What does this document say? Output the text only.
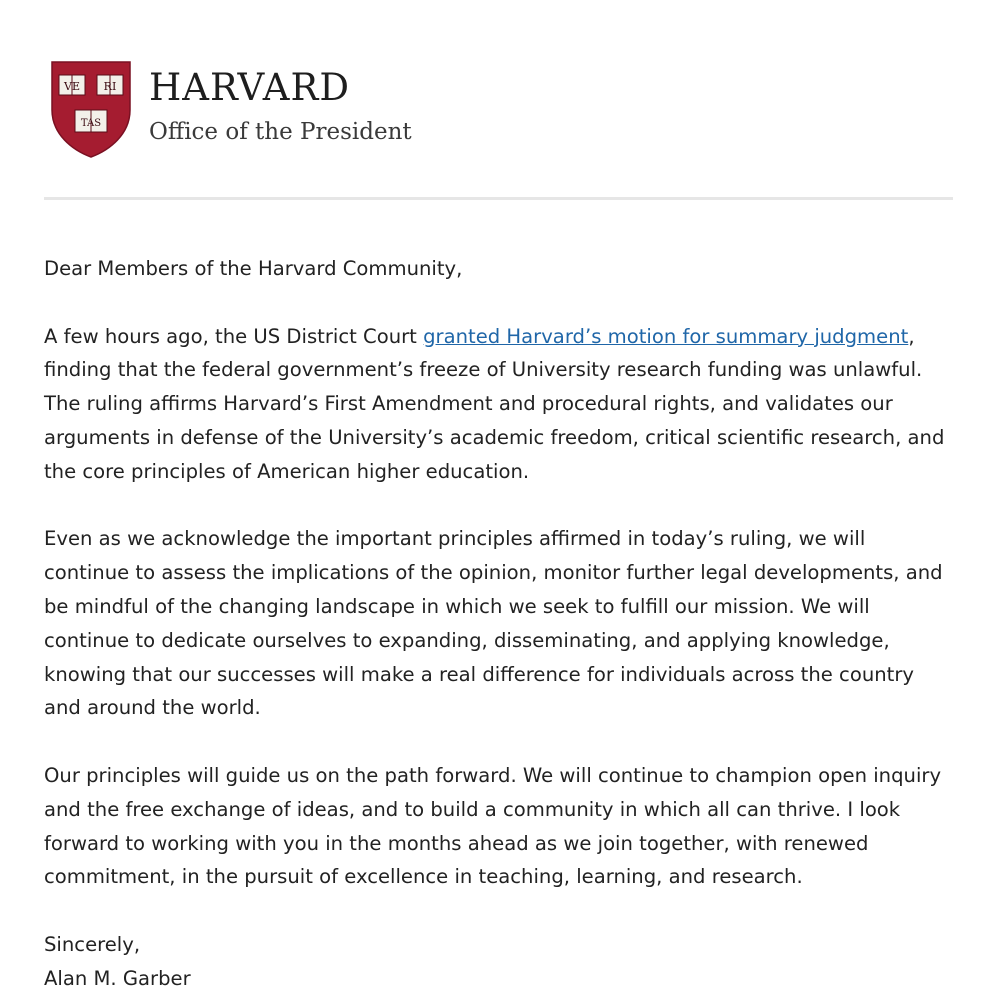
VE RI
TAS
HARVARD
Office of the President

Dear Members of the Harvard Community,

A few hours ago, the US District Court granted Harvard’s motion for summary judgment, finding that the federal government’s freeze of University research funding was unlawful. The ruling affirms Harvard’s First Amendment and procedural rights, and validates our arguments in defense of the University’s academic freedom, critical scientific research, and the core principles of American higher education.

Even as we acknowledge the important principles affirmed in today’s ruling, we will continue to assess the implications of the opinion, monitor further legal developments, and be mindful of the changing landscape in which we seek to fulfill our mission. We will continue to dedicate ourselves to expanding, disseminating, and applying knowledge, knowing that our successes will make a real difference for individuals across the country and around the world.

Our principles will guide us on the path forward. We will continue to champion open inquiry and the free exchange of ideas, and to build a community in which all can thrive. I look forward to working with you in the months ahead as we join together, with renewed commitment, in the pursuit of excellence in teaching, learning, and research.

Sincerely,

Alan M. Garber
